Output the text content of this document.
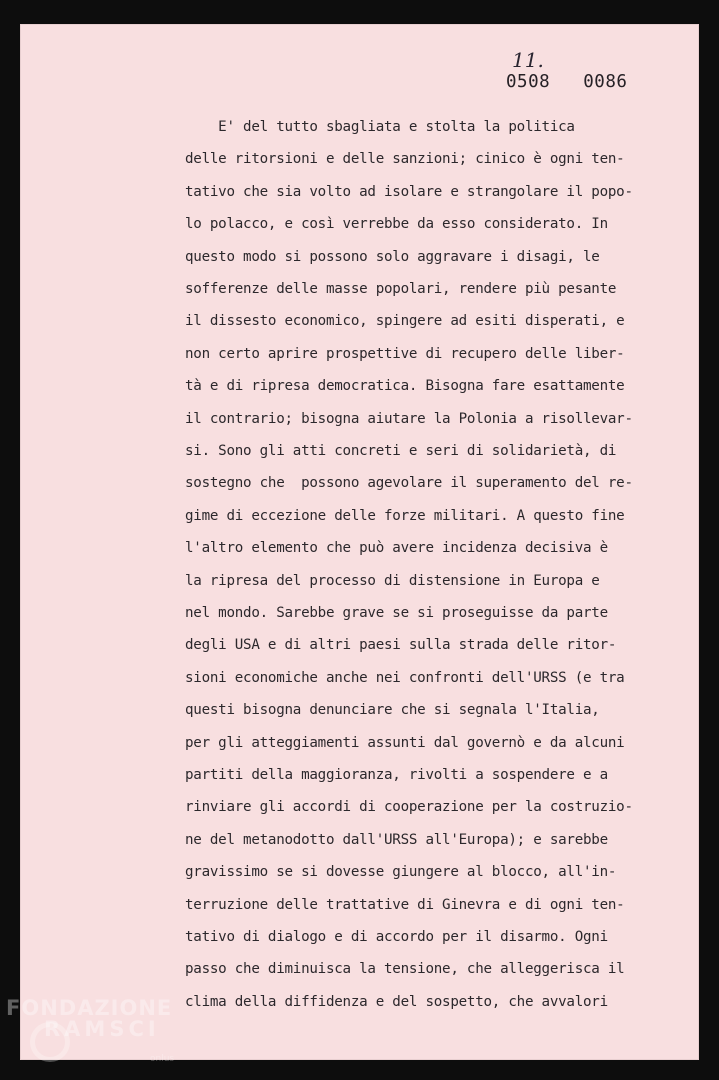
11.
0508 0086
E' del tutto sbagliata e stolta la politica
delle ritorsioni e delle sanzioni; cinico è ogni ten-
tativo che sia volto ad isolare e strangolare il popo-
lo polacco, e così verrebbe da esso considerato. In
questo modo si possono solo aggravare i disagi, le
sofferenze delle masse popolari, rendere più pesante
il dissesto economico, spingere ad esiti disperati, e
non certo aprire prospettive di recupero delle liber-
tà e di ripresa democratica. Bisogna fare esattamente
il contrario; bisogna aiutare la Polonia a risollevar-
si. Sono gli atti concreti e seri di solidarietà, di
sostegno che  possono agevolare il superamento del re-
gime di eccezione delle forze militari. A questo fine
l'altro elemento che può avere incidenza decisiva è
la ripresa del processo di distensione in Europa e
nel mondo. Sarebbe grave se si proseguisse da parte
degli USA e di altri paesi sulla strada delle ritor-
sioni economiche anche nei confronti dell'URSS (e tra
questi bisogna denunciare che si segnala l'Italia,
per gli atteggiamenti assunti dal governò e da alcuni
partiti della maggioranza, rivolti a sospendere e a
rinviare gli accordi di cooperazione per la costruzio-
ne del metanodotto dall'URSS all'Europa); e sarebbe
gravissimo se si dovesse giungere al blocco, all'in-
terruzione delle trattative di Ginevra e di ogni ten-
tativo di dialogo e di accordo per il disarmo. Ogni
passo che diminuisca la tensione, che alleggerisca il
clima della diffidenza e del sospetto, che avvalori
FONDAZIONE
RAMSCI
onlus
